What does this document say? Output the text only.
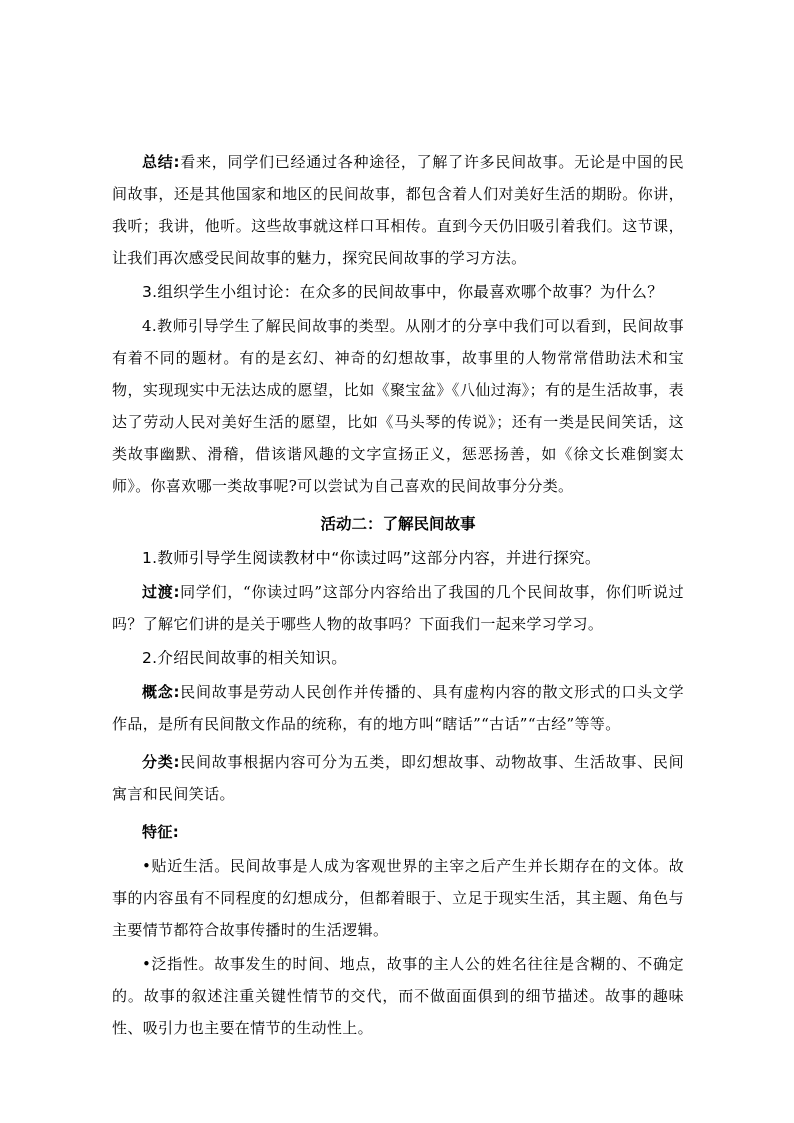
总结:看来，同学们已经通过各种途径，了解了许多民间故事。无论是中国的民间故事，还是其他国家和地区的民间故事，都包含着人们对美好生活的期盼。你讲，我听；我讲，他听。这些故事就这样口耳相传。直到今天仍旧吸引着我们。这节课，让我们再次感受民间故事的魅力，探究民间故事的学习方法。

3.组织学生小组讨论：在众多的民间故事中，你最喜欢哪个故事？为什么？

4.教师引导学生了解民间故事的类型。从刚才的分享中我们可以看到，民间故事有着不同的题材。有的是玄幻、神奇的幻想故事，故事里的人物常常借助法术和宝物，实现现实中无法达成的愿望，比如《聚宝盆》《八仙过海》；有的是生活故事，表达了劳动人民对美好生活的愿望，比如《马头琴的传说》；还有一类是民间笑话，这类故事幽默、滑稽，借该谐风趣的文字宣扬正义，惩恶扬善，如《徐文长难倒窦太师》。你喜欢哪一类故事呢?可以尝试为自己喜欢的民间故事分分类。

活动二：了解民间故事

1.教师引导学生阅读教材中“你读过吗”这部分内容，并进行探究。

过渡:同学们，“你读过吗”这部分内容给出了我国的几个民间故事，你们听说过吗？了解它们讲的是关于哪些人物的故事吗？下面我们一起来学习学习。

2.介绍民间故事的相关知识。

概念:民间故事是劳动人民创作并传播的、具有虚构内容的散文形式的口头文学作品，是所有民间散文作品的统称，有的地方叫“瞎话”“古话”“古经”等等。

分类:民间故事根据内容可分为五类，即幻想故事、动物故事、生活故事、民间寓言和民间笑话。

特征:

•贴近生活。民间故事是人成为客观世界的主宰之后产生并长期存在的文体。故事的内容虽有不同程度的幻想成分，但都着眼于、立足于现实生活，其主题、角色与主要情节都符合故事传播时的生活逻辑。

•泛指性。故事发生的时间、地点，故事的主人公的姓名往往是含糊的、不确定的。故事的叙述注重关键性情节的交代，而不做面面俱到的细节描述。故事的趣味性、吸引力也主要在情节的生动性上。
